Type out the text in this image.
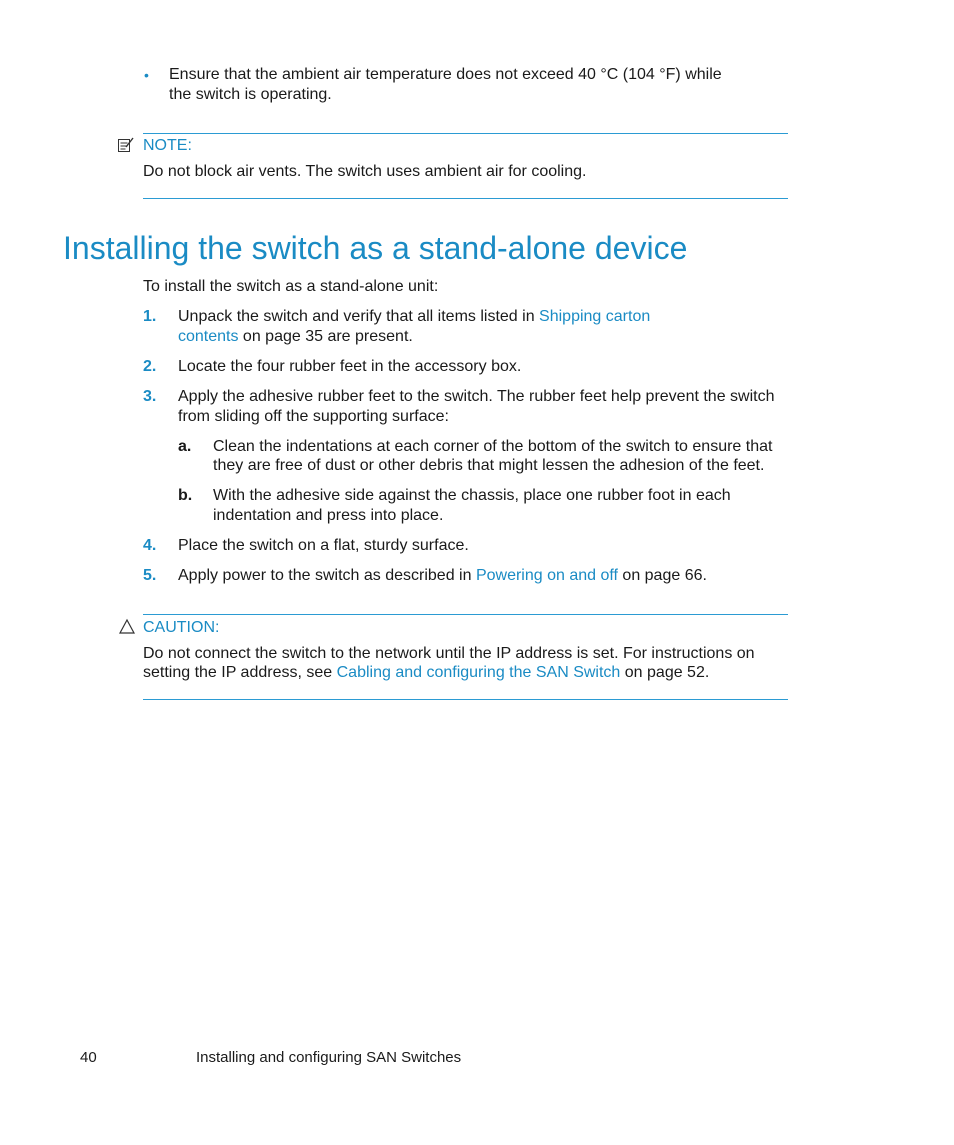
• Ensure that the ambient air temperature does not exceed 40 °C (104 °F) while
the switch is operating.
NOTE:
Do not block air vents. The switch uses ambient air for cooling.
Installing the switch as a stand-alone device
To install the switch as a stand-alone unit:
1. Unpack the switch and verify that all items listed in Shipping carton
contents on page 35 are present.
2. Locate the four rubber feet in the accessory box.
3. Apply the adhesive rubber feet to the switch. The rubber feet help prevent the switch
from sliding off the supporting surface:
a. Clean the indentations at each corner of the bottom of the switch to ensure that
they are free of dust or other debris that might lessen the adhesion of the feet.
b. With the adhesive side against the chassis, place one rubber foot in each
indentation and press into place.
4. Place the switch on a flat, sturdy surface.
5. Apply power to the switch as described in Powering on and off on page 66.
CAUTION:
Do not connect the switch to the network until the IP address is set. For instructions on
setting the IP address, see Cabling and configuring the SAN Switch on page 52.
40	Installing and configuring SAN Switches
